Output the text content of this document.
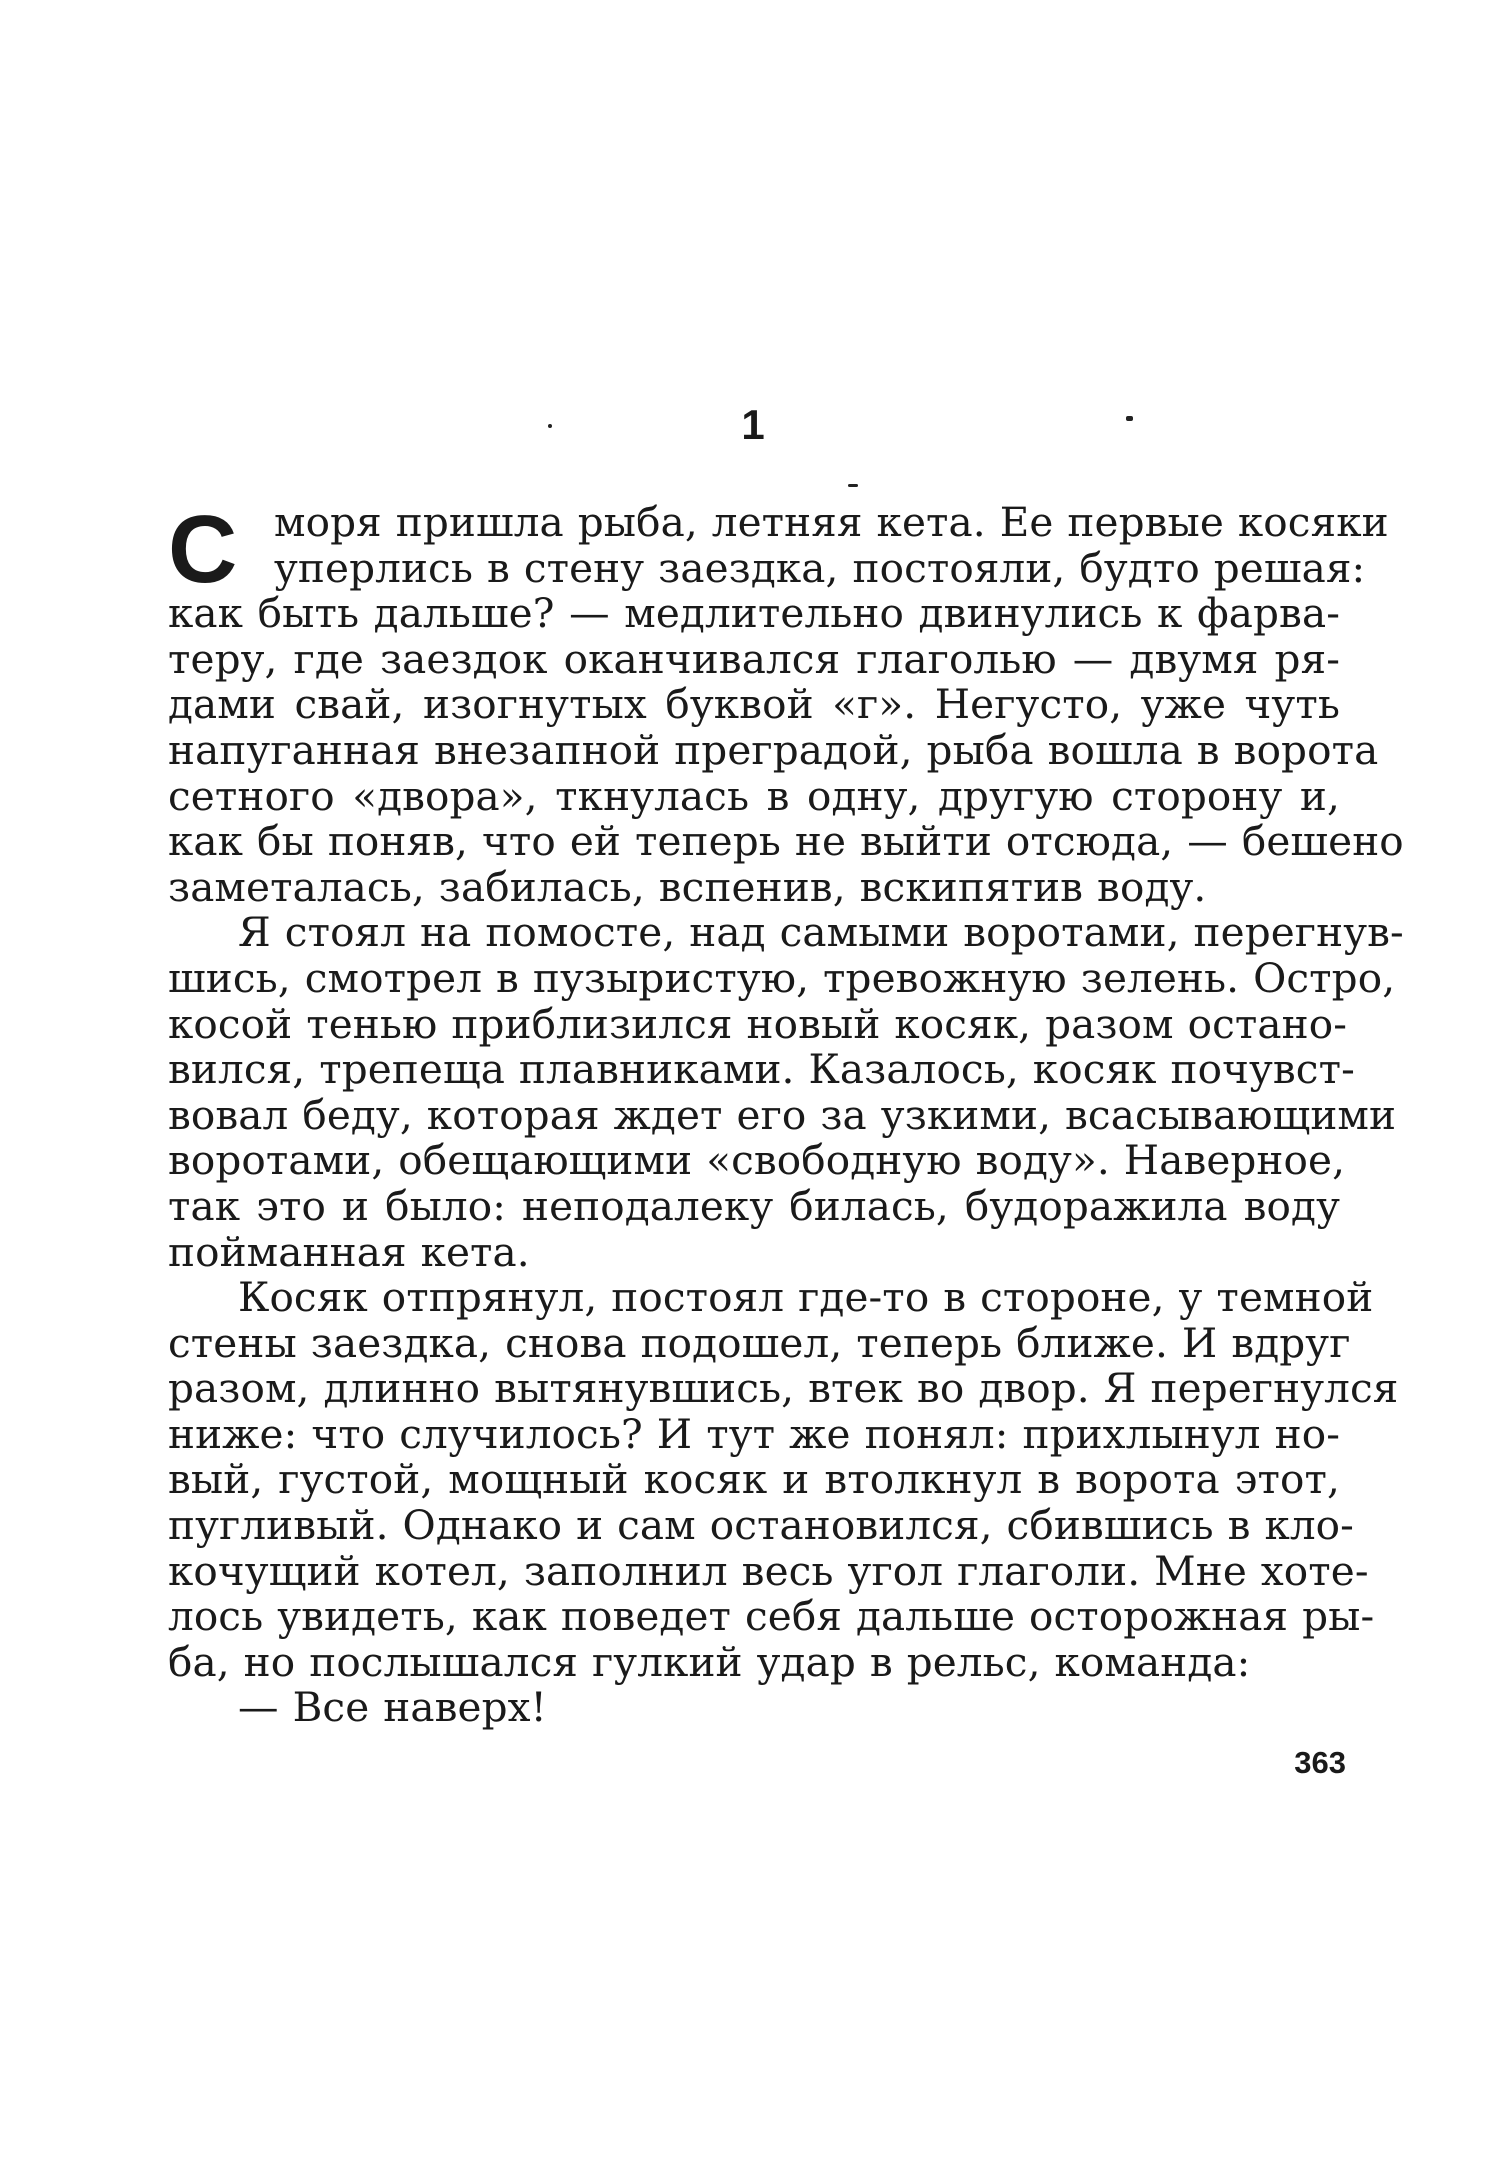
1
С моря пришла рыба, летняя кета. Ее первые косяки
уперлись в стену заездка, постояли, будто решая:
как быть дальше? — медлительно двинулись к фарва-
теру, где заездок оканчивался глаголью — двумя ря-
дами свай, изогнутых буквой «г». Негусто, уже чуть
напуганная внезапной преградой, рыба вошла в ворота
сетного «двора», ткнулась в одну, другую сторону и,
как бы поняв, что ей теперь не выйти отсюда, — бешено
заметалась, забилась, вспенив, вскипятив воду.
Я стоял на помосте, над самыми воротами, перегнув-
шись, смотрел в пузыристую, тревожную зелень. Остро,
косой тенью приблизился новый косяк, разом остано-
вился, трепеща плавниками. Казалось, косяк почувст-
вовал беду, которая ждет его за узкими, всасывающими
воротами, обещающими «свободную воду». Наверное,
так это и было: неподалеку билась, будоражила воду
пойманная кета.
Косяк отпрянул, постоял где-то в стороне, у темной
стены заездка, снова подошел, теперь ближе. И вдруг
разом, длинно вытянувшись, втек во двор. Я перегнулся
ниже: что случилось? И тут же понял: прихлынул но-
вый, густой, мощный косяк и втолкнул в ворота этот,
пугливый. Однако и сам остановился, сбившись в кло-
кочущий котел, заполнил весь угол глаголи. Мне хоте-
лось увидеть, как поведет себя дальше осторожная ры-
ба, но послышался гулкий удар в рельс, команда:
— Все наверх!
363
